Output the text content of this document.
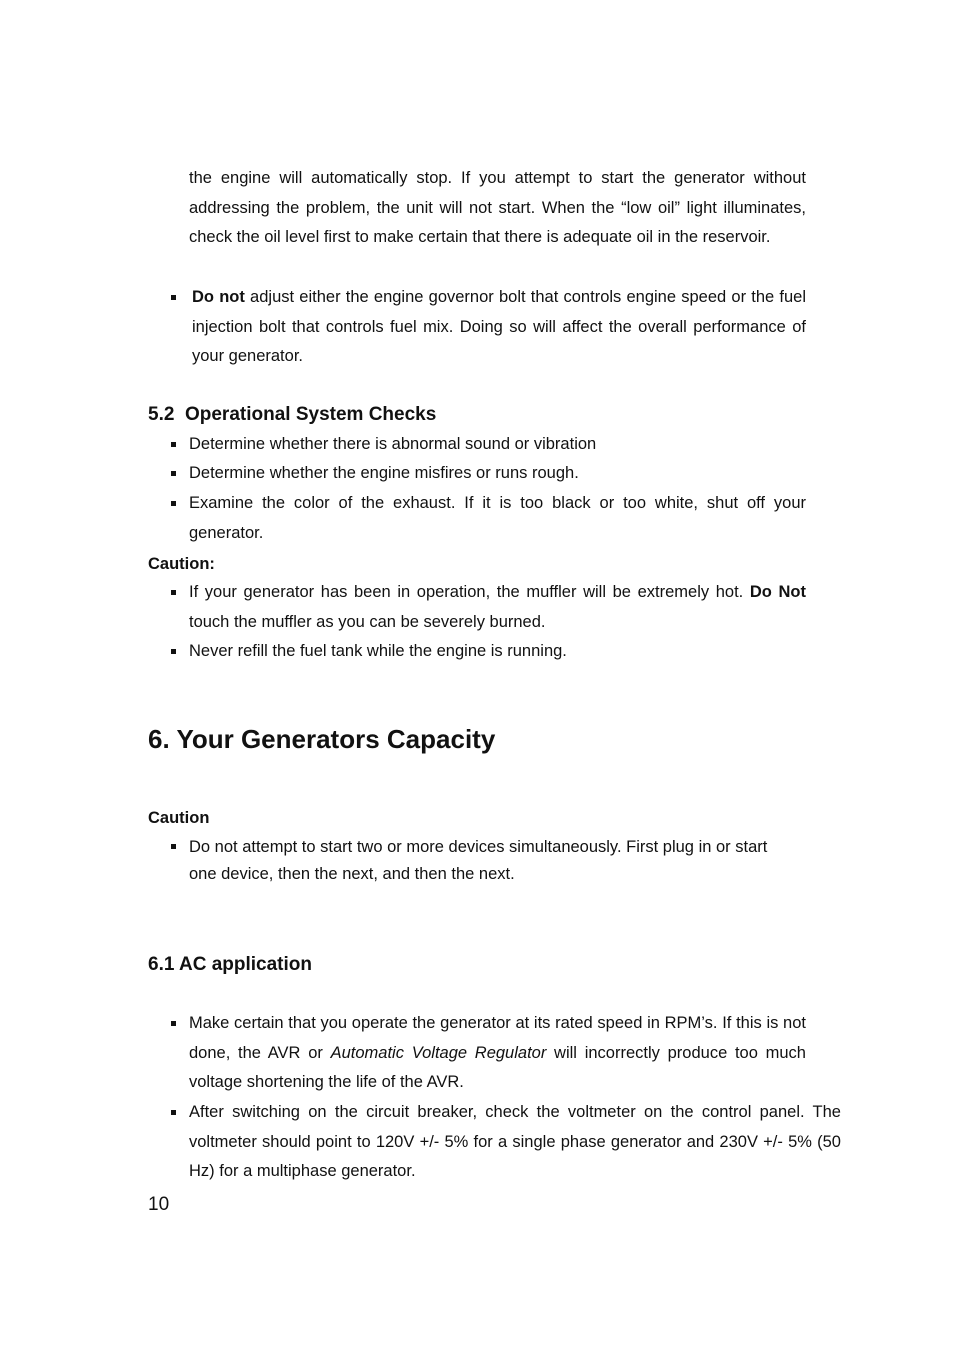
the engine will automatically stop. If you attempt to start the generator without addressing the problem, the unit will not start. When the “low oil” light illuminates, check the oil level first to make certain that there is adequate oil in the reservoir.
Do not adjust either the engine governor bolt that controls engine speed or the fuel injection bolt that controls fuel mix. Doing so will affect the overall performance of your generator.
5.2  Operational System Checks
Determine whether there is abnormal sound or vibration
Determine whether the engine misfires or runs rough.
Examine the color of the exhaust. If it is too black or too white, shut off your generator.
Caution:
If your generator has been in operation, the muffler will be extremely hot. Do Not touch the muffler as you can be severely burned.
Never refill the fuel tank while the engine is running.
6. Your Generators Capacity
Caution
Do not attempt to start two or more devices simultaneously. First plug in or start one device, then the next, and then the next.
6.1 AC application
Make certain that you operate the generator at its rated speed in RPM’s. If this is not done, the AVR or Automatic Voltage Regulator will incorrectly produce too much voltage shortening the life of the AVR.
After switching on the circuit breaker, check the voltmeter on the control panel. The voltmeter should point to 120V +/- 5% for a single phase generator and 230V +/- 5% (50 Hz) for a multiphase generator.
10
